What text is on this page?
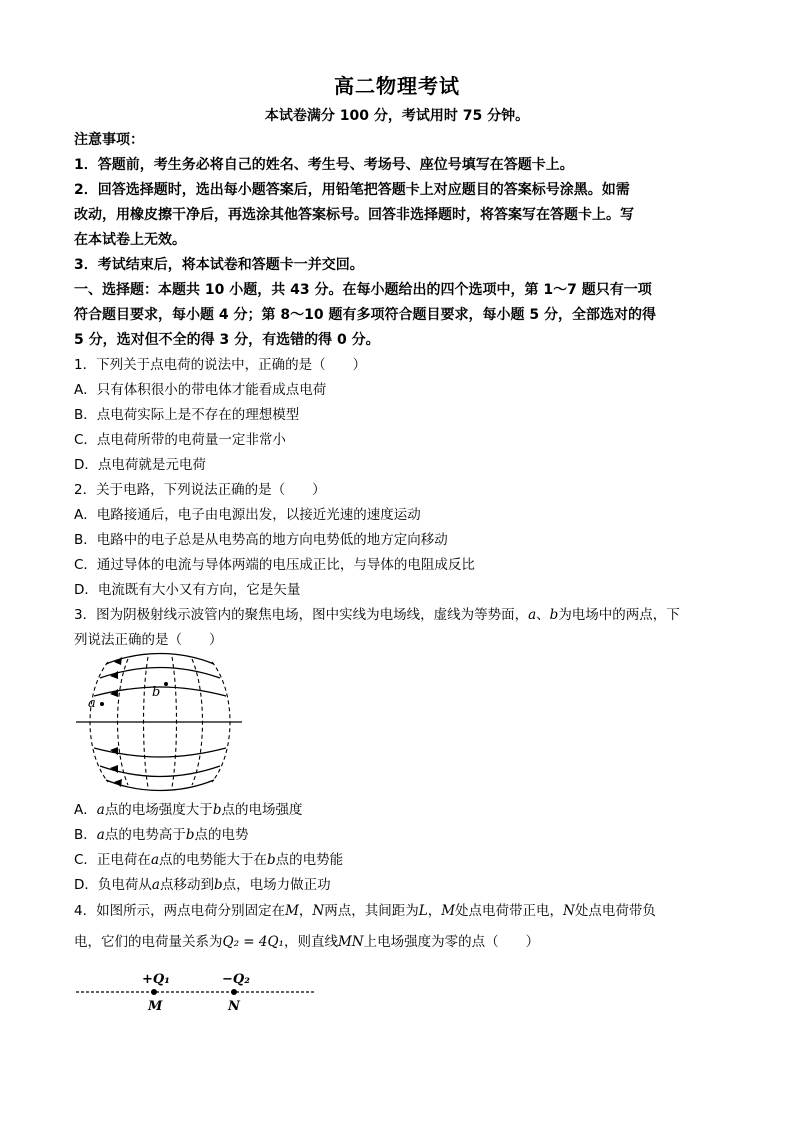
高二物理考试
本试卷满分 100 分，考试用时 75 分钟。
注意事项：
1．答题前，考生务必将自己的姓名、考生号、考场号、座位号填写在答题卡上。
2．回答选择题时，选出每小题答案后，用铅笔把答题卡上对应题目的答案标号涂黑。如需
改动，用橡皮擦干净后，再选涂其他答案标号。回答非选择题时，将答案写在答题卡上。写
在本试卷上无效。
3．考试结束后，将本试卷和答题卡一并交回。
一、选择题：本题共 10 小题，共 43 分。在每小题给出的四个选项中，第 1～7 题只有一项
符合题目要求，每小题 4 分；第 8～10 题有多项符合题目要求，每小题 5 分，全部选对的得
5 分，选对但不全的得 3 分，有选错的得 0 分。
1．下列关于点电荷的说法中，正确的是（　　）
A．只有体积很小的带电体才能看成点电荷
B．点电荷实际上是不存在的理想模型
C．点电荷所带的电荷量一定非常小
D．点电荷就是元电荷
2．关于电路，下列说法正确的是（　　）
A．电路接通后，电子由电源出发，以接近光速的速度运动
B．电路中的电子总是从电势高的地方向电势低的地方定向移动
C．通过导体的电流与导体两端的电压成正比，与导体的电阻成反比
D．电流既有大小又有方向，它是矢量
3．图为阴极射线示波管内的聚焦电场，图中实线为电场线，虚线为等势面，a、b为电场中的两点，下
列说法正确的是（　　）
a
b
A．a点的电场强度大于b点的电场强度
B．a点的电势高于b点的电势
C．正电荷在a点的电势能大于在b点的电势能
D．负电荷从a点移动到b点，电场力做正功
4．如图所示，两点电荷分别固定在M，N两点，其间距为L，M处点电荷带正电，N处点电荷带负
电，它们的电荷量关系为Q₂ = 4Q₁，则直线MN上电场强度为零的点（　　）
+Q₁	−Q₂
M	N
